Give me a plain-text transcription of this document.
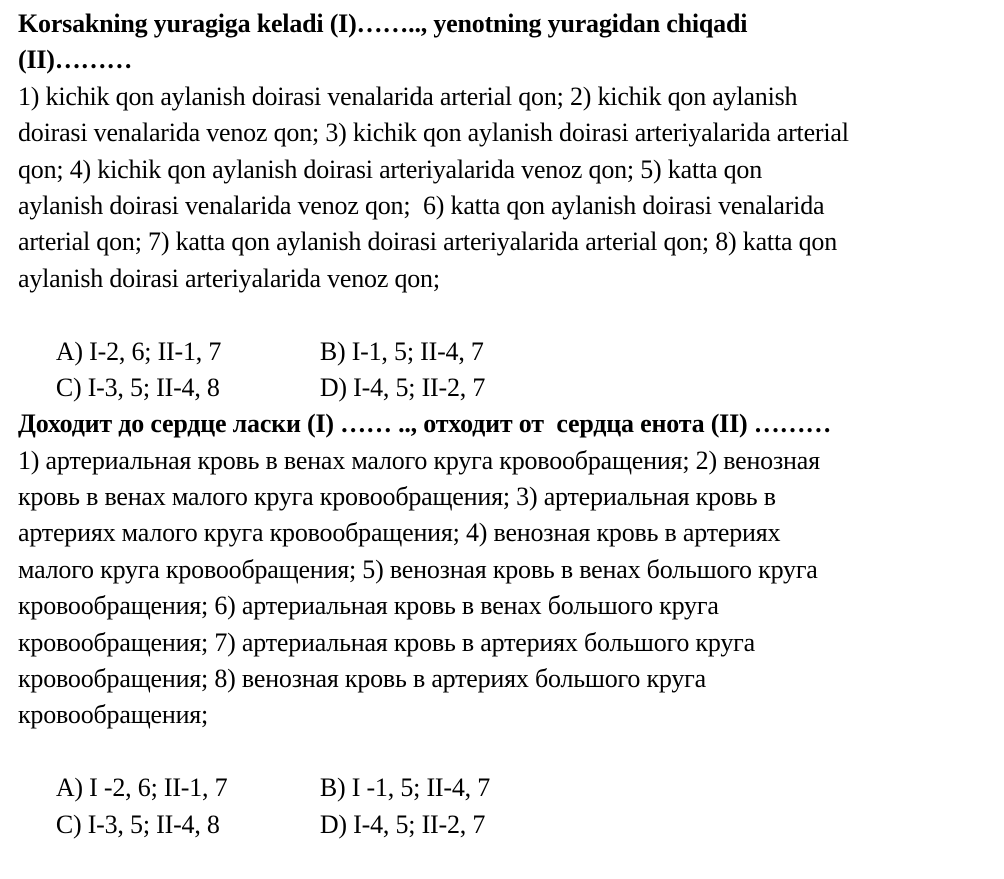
Korsakning yuragiga keladi (I)…….., yenotning yuragidan chiqadi
(II)………
1) kichik qon aylanish doirasi venalarida arterial qon; 2) kichik qon aylanish
doirasi venalarida venoz qon; 3) kichik qon aylanish doirasi arteriyalarida arterial
qon; 4) kichik qon aylanish doirasi arteriyalarida venoz qon; 5) katta qon
aylanish doirasi venalarida venoz qon;  6) katta qon aylanish doirasi venalarida
arterial qon; 7) katta qon aylanish doirasi arteriyalarida arterial qon; 8) katta qon
aylanish doirasi arteriyalarida venoz qon;

A) I-2, 6; II-1, 7	B) I-1, 5; II-4, 7

C) I-3, 5; II-4, 8	D) I-4, 5; II-2, 7

Доходит до сердце ласки (I) …… .., отходит от  сердца енота (II) ………
1) артериальная кровь в венах малого круга кровообращения; 2) венозная
кровь в венах малого круга кровообращения; 3) артериальная кровь в
артериях малого круга кровообращения; 4) венозная кровь в артериях
малого круга кровообращения; 5) венозная кровь в венах большого круга
кровообращения; 6) артериальная кровь в венах большого круга
кровообращения; 7) артериальная кровь в артериях большого круга
кровообращения; 8) венозная кровь в артериях большого круга
кровообращения;

A) I -2, 6; II-1, 7	B) I -1, 5; II-4, 7

C) I-3, 5; II-4, 8	D) I-4, 5; II-2, 7
